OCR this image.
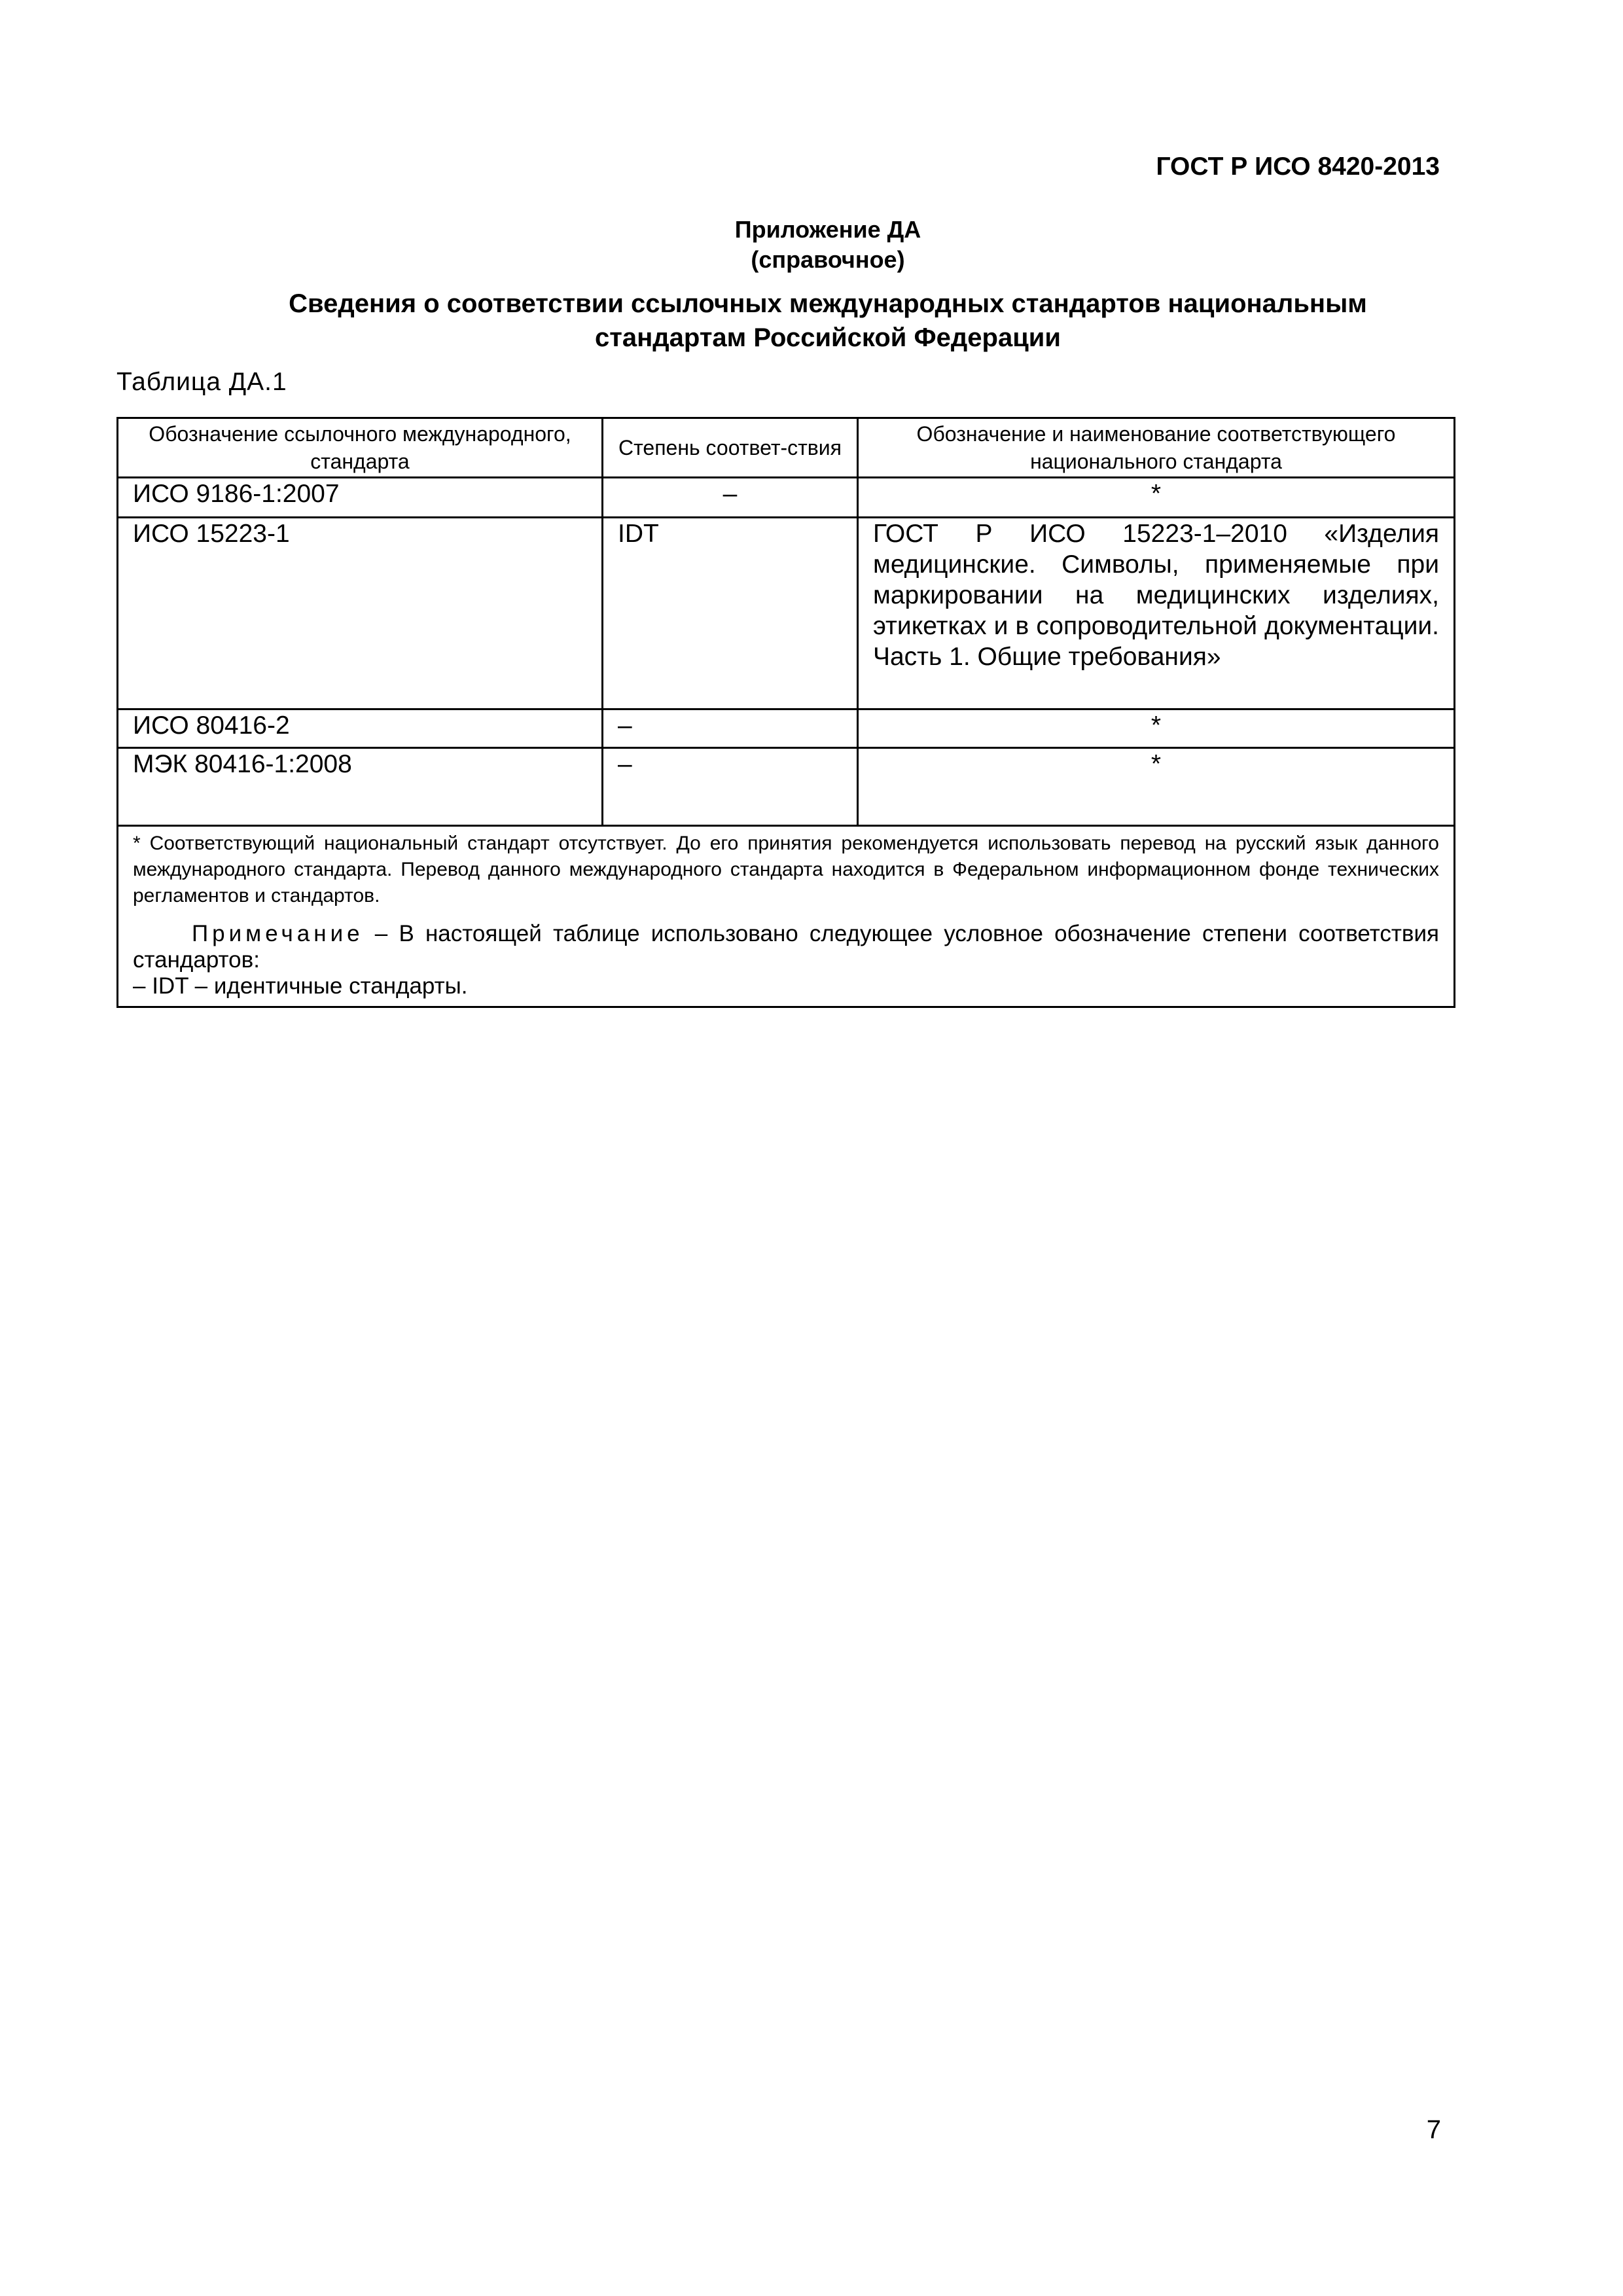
ГОСТ Р ИСО 8420-2013
Приложение ДА
(справочное)
Сведения о соответствии ссылочных международных стандартов национальным
стандартам Российской Федерации
Таблица ДА.1
Обозначение ссылочного международного, стандарта	Степень соответ-ствия	Обозначение и наименование соответствующего национального стандарта
ИСО 9186-1:2007	–	*
ИСО 15223-1	IDT	ГОСТ Р ИСО 15223-1–2010 «Изделия медицинские. Символы, применяемые при маркировании на медицинских изделиях, этикетках и в сопроводительной документации. Часть 1. Общие требования»
ИСО 80416-2	–	*
МЭК 80416-1:2008	–	*

* Соответствующий национальный стандарт отсутствует. До его принятия рекомендуется использовать перевод на русский язык данного международного стандарта. Перевод данного международного стандарта находится в Федеральном информационном фонде технических регламентов и стандартов.
Примечание – В настоящей таблице использовано следующее условное обозначение степени соответствия стандартов:
– IDT – идентичные стандарты.		
7
